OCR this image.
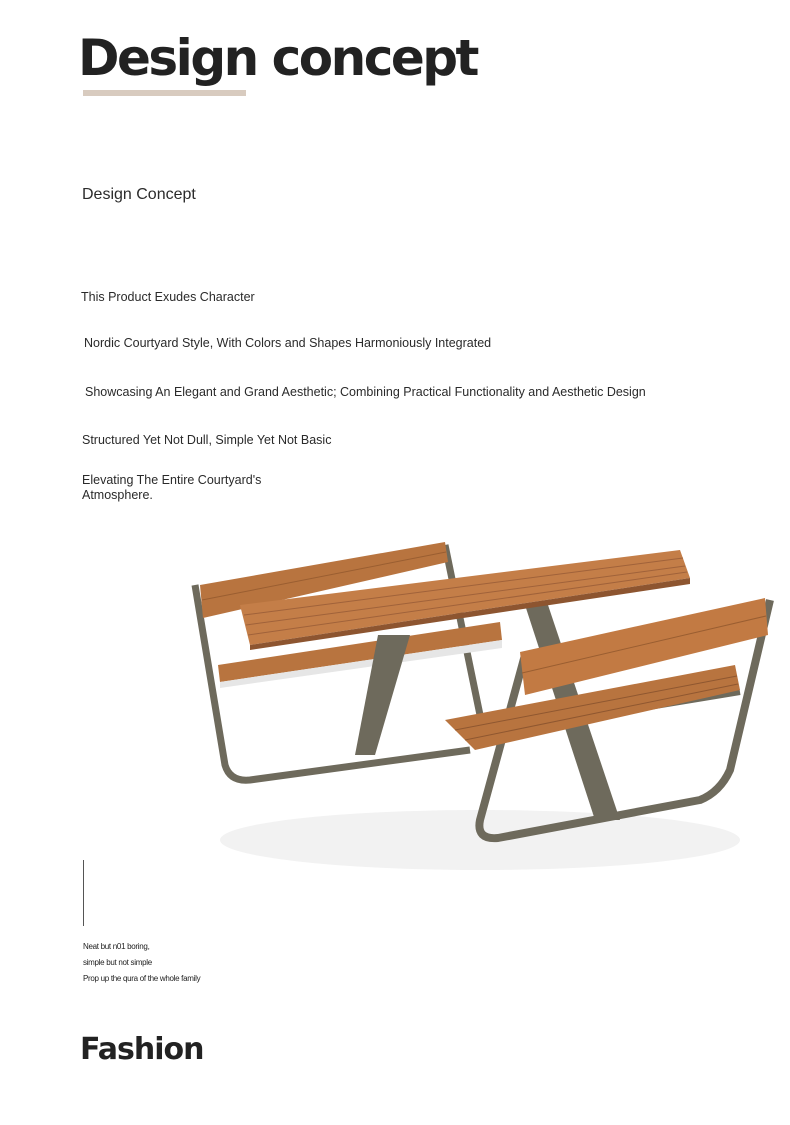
Design concept
Design Concept
This Product Exudes Character
Nordic Courtyard Style, With Colors and Shapes Harmoniously Integrated
Showcasing An Elegant and Grand Aesthetic; Combining Practical Functionality and Aesthetic Design
Structured Yet Not Dull, Simple Yet Not Basic
Elevating The Entire Courtyard's Atmosphere.
Neat but n01 boring,
simple but not simple
Prop up the qura of the whole family
Fashion
